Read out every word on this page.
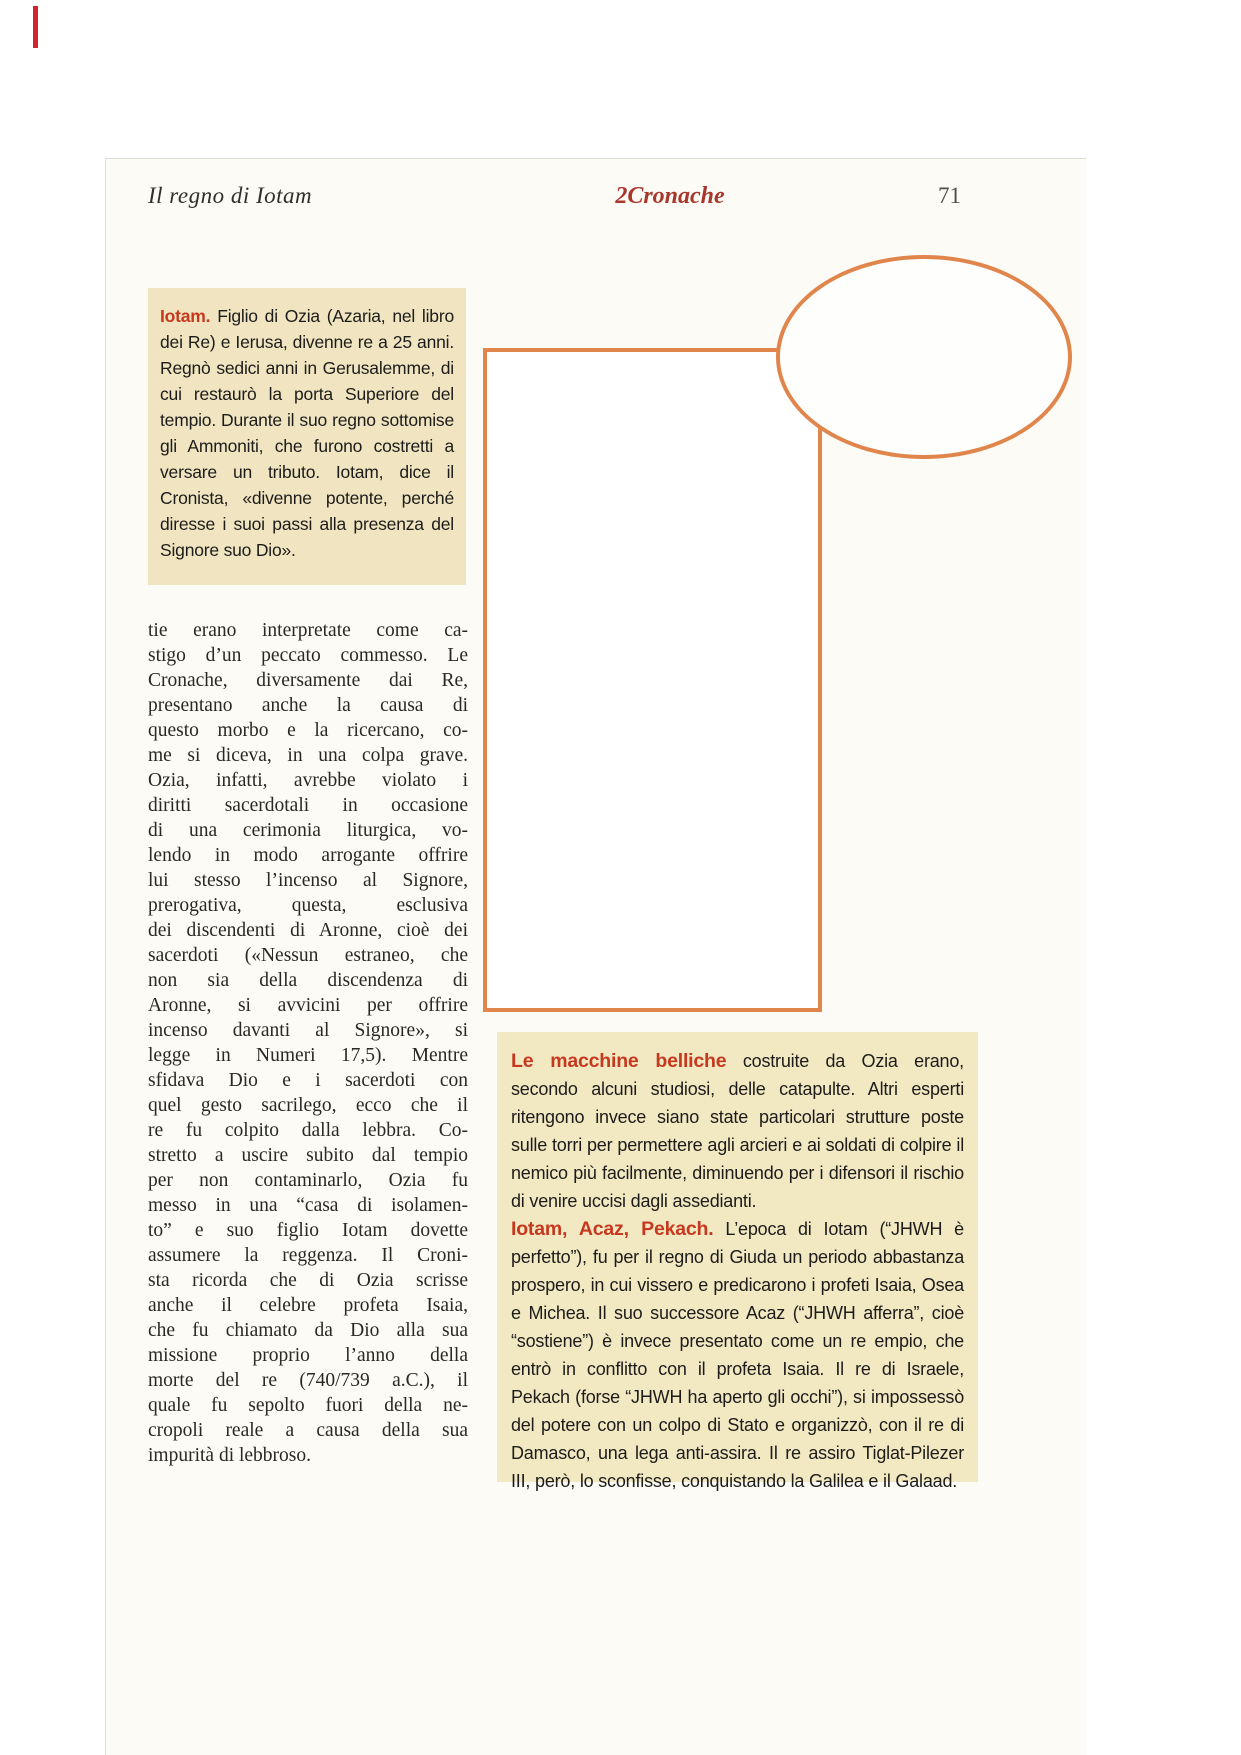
Il regno di Iotam	2Cronache	71
Iotam. Figlio di Ozia (Azaria, nel libro dei Re) e Ierusa, divenne re a 25 anni. Regnò sedici anni in Gerusalemme, di cui restaurò la porta Superiore del tempio. Durante il suo regno sottomise gli Ammoniti, che furono costretti a versare un tributo. Iotam, dice il Cronista, «divenne potente, perché diresse i suoi passi alla presenza del Signore suo Dio».
tie erano interpretate come ca-
stigo d’un peccato commesso. Le
Cronache, diversamente dai Re,
presentano anche la causa di
questo morbo e la ricercano, co-
me si diceva, in una colpa grave.
Ozia, infatti, avrebbe violato i
diritti sacerdotali in occasione
di una cerimonia liturgica, vo-
lendo in modo arrogante offrire
lui stesso l’incenso al Signore,
prerogativa, questa, esclusiva
dei discendenti di Aronne, cioè dei
sacerdoti («Nessun estraneo, che
non sia della discendenza di
Aronne, si avvicini per offrire
incenso davanti al Signore», si
legge in Numeri 17,5). Mentre
sfidava Dio e i sacerdoti con
quel gesto sacrilego, ecco che il
re fu colpito dalla lebbra. Co-
stretto a uscire subito dal tempio
per non contaminarlo, Ozia fu
messo in una “casa di isolamen-
to” e suo figlio Iotam dovette
assumere la reggenza. Il Croni-
sta ricorda che di Ozia scrisse
anche il celebre profeta Isaia,
che fu chiamato da Dio alla sua
missione proprio l’anno della
morte del re (740/739 a.C.), il
quale fu sepolto fuori della ne-
cropoli reale a causa della sua
impurità di lebbroso.

Le macchine belliche costruite da Ozia erano, secondo alcuni studiosi, delle catapulte. Altri esperti ritengono invece siano state particolari strutture poste sulle torri per permettere agli arcieri e ai soldati di colpire il nemico più facilmente, diminuendo per i difensori il rischio di venire uccisi dagli assedianti.

Iotam, Acaz, Pekach. L’epoca di Iotam (“JHWH è perfetto”), fu per il regno di Giuda un periodo abbastanza prospero, in cui vissero e predicarono i profeti Isaia, Osea e Michea. Il suo successore Acaz (“JHWH afferra”, cioè “sostiene”) è invece presentato come un re empio, che entrò in conflitto con il profeta Isaia. Il re di Israele, Pekach (forse “JHWH ha aperto gli occhi”), si impossessò del potere con un colpo di Stato e organizzò, con il re di Damasco, una lega anti-assira. Il re assiro Tiglat-Pilezer III, però, lo sconfisse, conquistando la Galilea e il Galaad.
